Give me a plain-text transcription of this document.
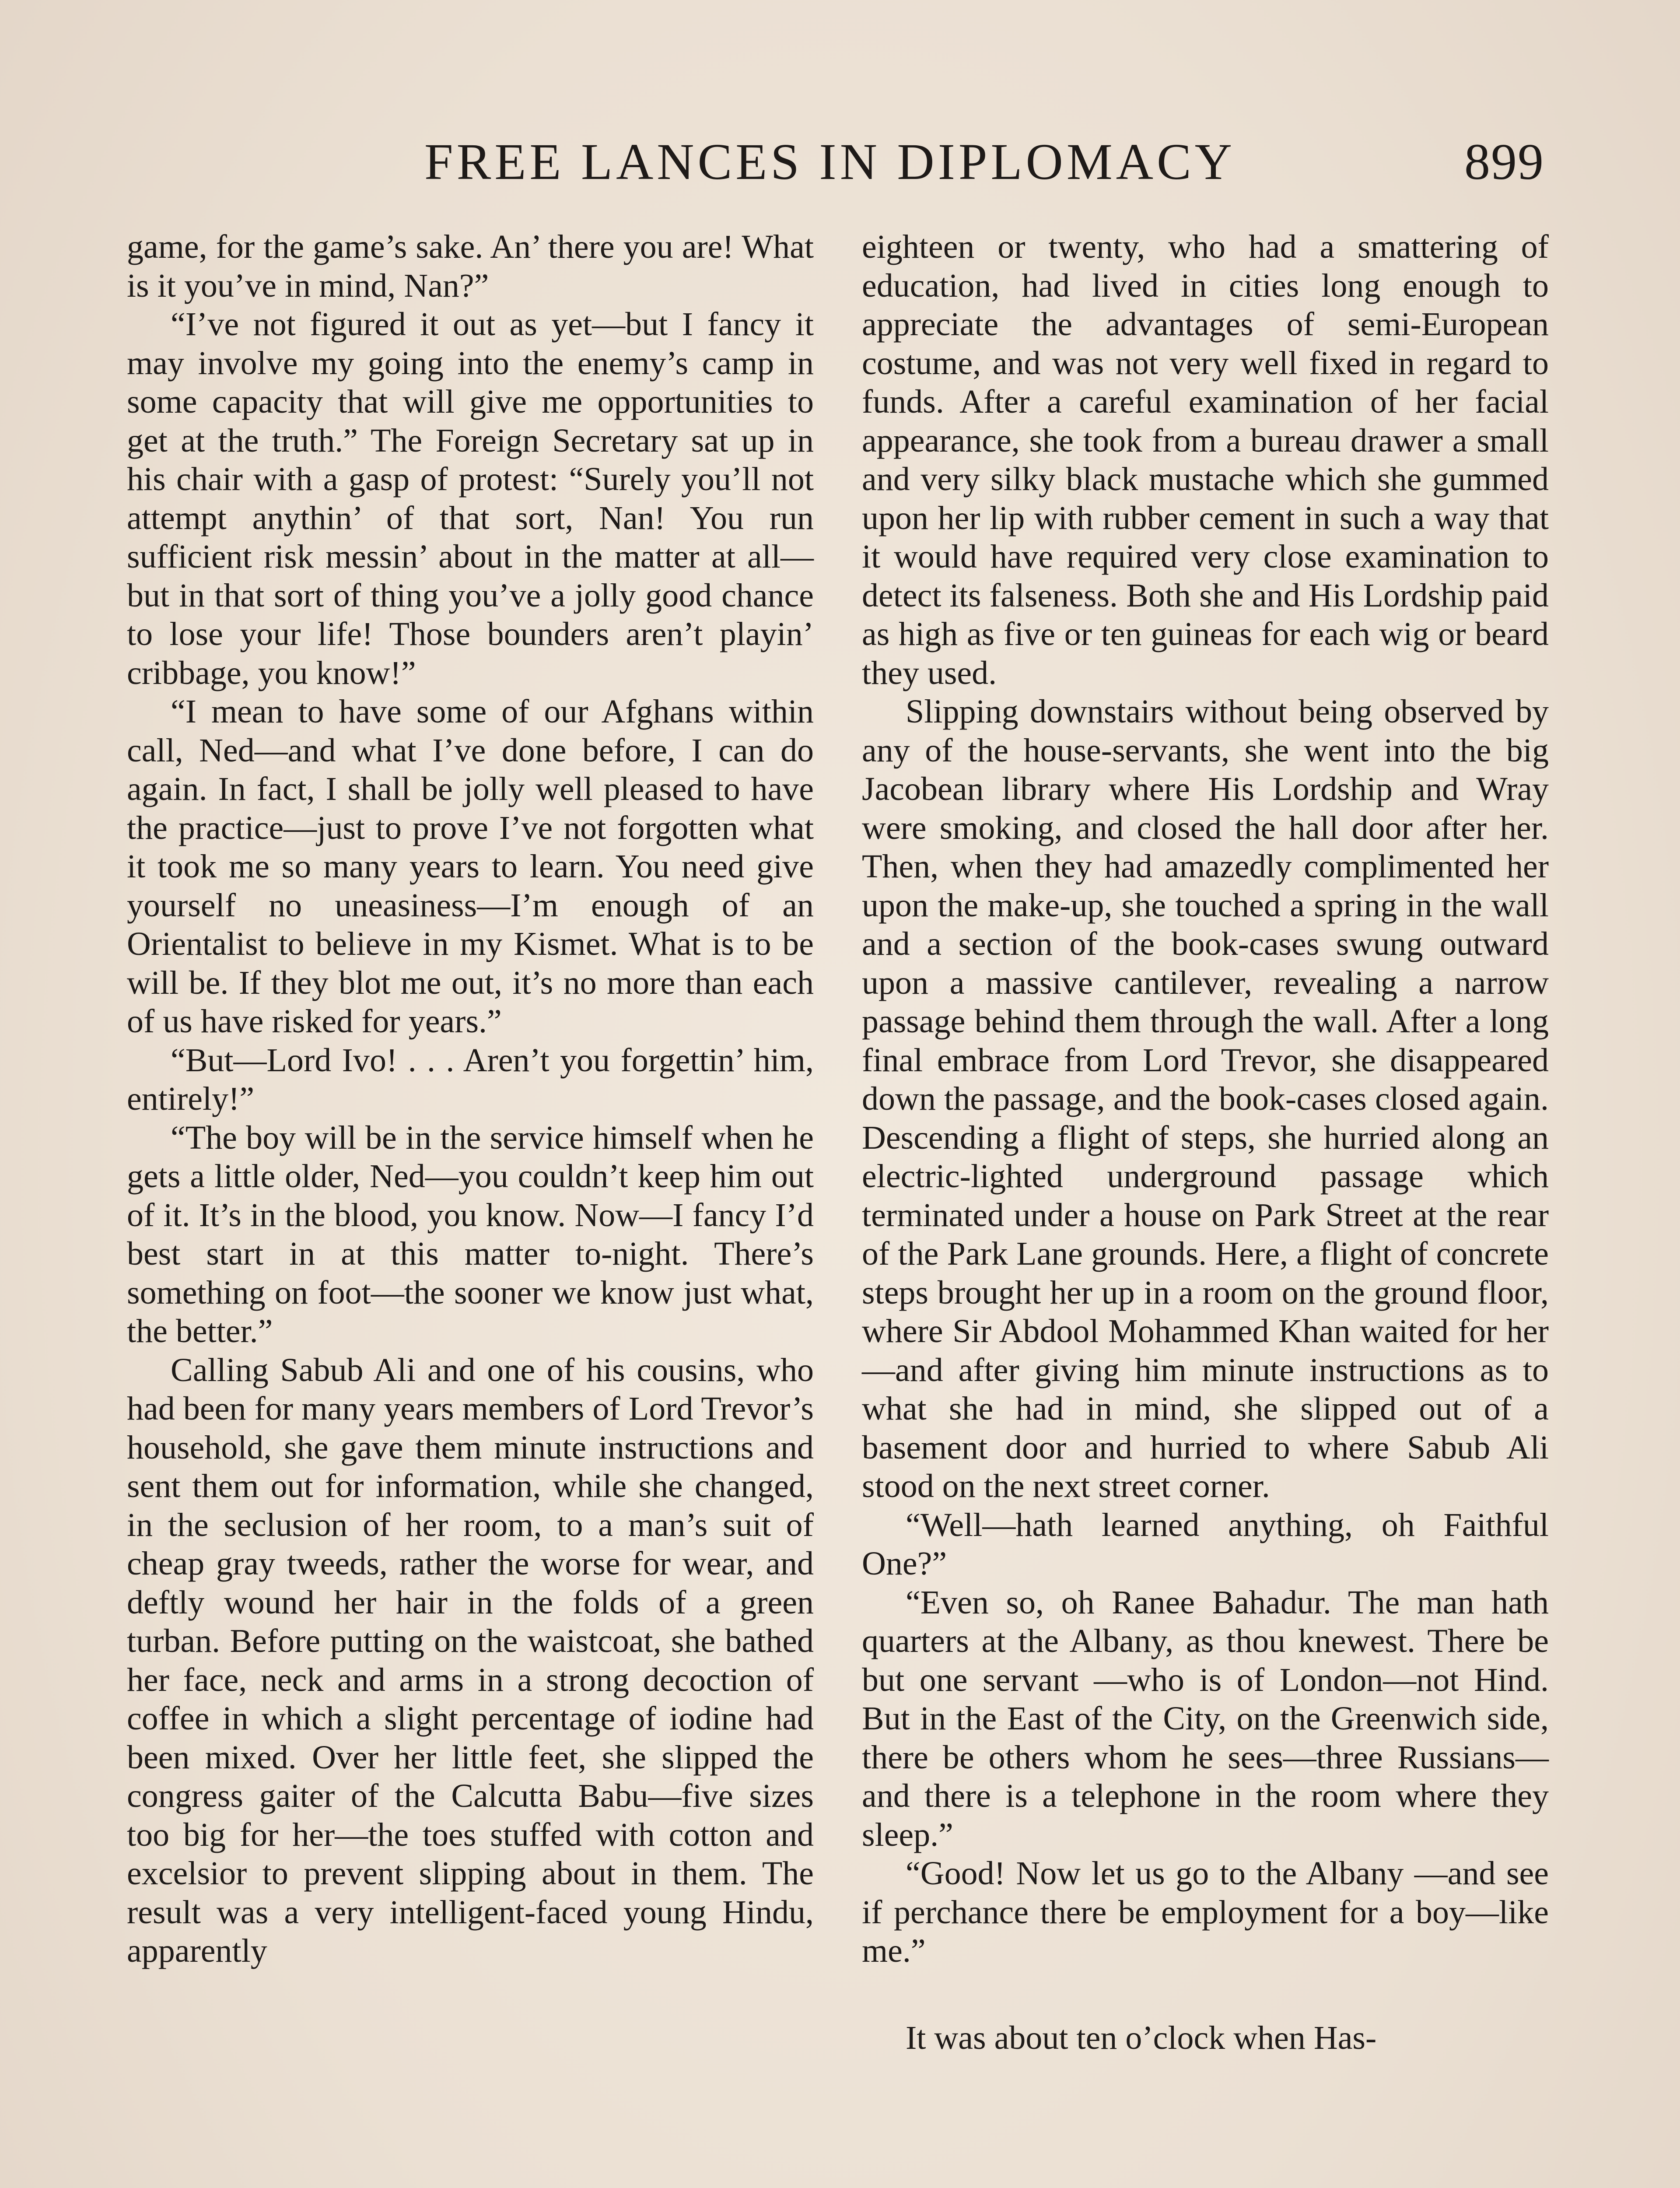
FREE LANCES IN DIPLOMACY	899

game, for the game’s sake. An’ there you are! What is it you’ve in mind, Nan?”

“I’ve not figured it out as yet—but I fancy it may involve my going into the enemy’s camp in some capacity that will give me opportunities to get at the truth.” The Foreign Secretary sat up in his chair with a gasp of protest: “Surely you’ll not attempt anythin’ of that sort, Nan! You run sufficient risk messin’ about in the matter at all—but in that sort of thing you’ve a jolly good chance to lose your life! Those bounders aren’t playin’ cribbage, you know!”

“I mean to have some of our Afghans within call, Ned—and what I’ve done before, I can do again. In fact, I shall be jolly well pleased to have the practice—just to prove I’ve not forgotten what it took me so many years to learn. You need give yourself no uneasiness—I’m enough of an Orientalist to believe in my Kismet. What is to be will be. If they blot me out, it’s no more than each of us have risked for years.”

“But—Lord Ivo! . . . Aren’t you forgettin’ him, entirely!”

“The boy will be in the service himself when he gets a little older, Ned—you couldn’t keep him out of it. It’s in the blood, you know. Now—I fancy I’d best start in at this matter to-night. There’s something on foot—the sooner we know just what, the better.”

Calling Sabub Ali and one of his cousins, who had been for many years members of Lord Trevor’s household, she gave them minute instructions and sent them out for information, while she changed, in the seclusion of her room, to a man’s suit of cheap gray tweeds, rather the worse for wear, and deftly wound her hair in the folds of a green turban. Before putting on the waistcoat, she bathed her face, neck and arms in a strong decoction of coffee in which a slight percentage of iodine had been mixed. Over her little feet, she slipped the congress gaiter of the Calcutta Babu—five sizes too big for her—the toes stuffed with cotton and excelsior to prevent slipping about in them. The result was a very intelligent-faced young Hindu, apparently

eighteen or twenty, who had a smattering of education, had lived in cities long enough to appreciate the advantages of semi-European costume, and was not very well fixed in regard to funds. After a careful examination of her facial appearance, she took from a bureau drawer a small and very silky black mustache which she gummed upon her lip with rubber cement in such a way that it would have required very close examination to detect its falseness. Both she and His Lordship paid as high as five or ten guineas for each wig or beard they used.

Slipping downstairs without being observed by any of the house-servants, she went into the big Jacobean library where His Lordship and Wray were smoking, and closed the hall door after her. Then, when they had amazedly complimented her upon the make-up, she touched a spring in the wall and a section of the book-cases swung outward upon a massive cantilever, revealing a narrow passage behind them through the wall. After a long final embrace from Lord Trevor, she disappeared down the passage, and the book-cases closed again. Descending a flight of steps, she hurried along an electric-lighted underground passage which terminated under a house on Park Street at the rear of the Park Lane grounds. Here, a flight of concrete steps brought her up in a room on the ground floor, where Sir Abdool Mohammed Khan waited for her—and after giving him minute instructions as to what she had in mind, she slipped out of a basement door and hurried to where Sabub Ali stood on the next street corner.

“Well—hath learned anything, oh Faithful One?”

“Even so, oh Ranee Bahadur. The man hath quarters at the Albany, as thou knewest. There be but one servant —who is of London—not Hind. But in the East of the City, on the Greenwich side, there be others whom he sees—three Russians—and there is a telephone in the room where they sleep.”

“Good! Now let us go to the Albany —and see if perchance there be employment for a boy—like me.”

It was about ten o’clock when Has-
